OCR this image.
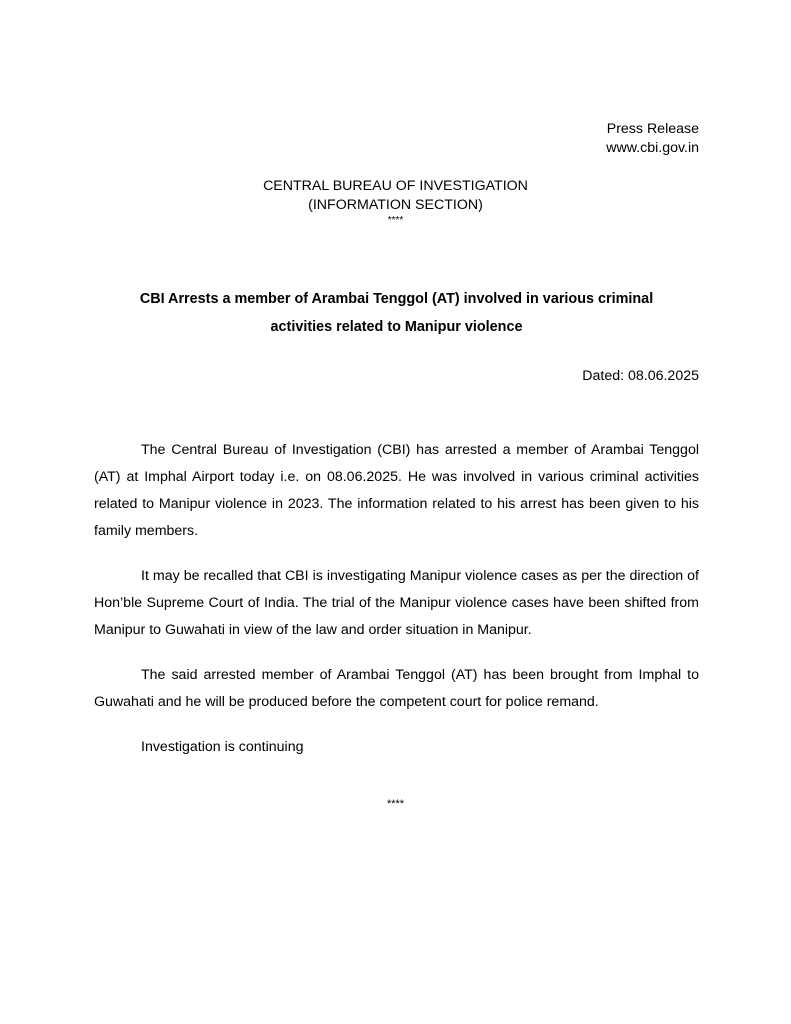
Press Release
www.cbi.gov.in
CENTRAL BUREAU OF INVESTIGATION
(INFORMATION SECTION)
****
CBI Arrests a member of Arambai Tenggol (AT) involved in various criminal
activities related to Manipur violence
Dated: 08.06.2025

The Central Bureau of Investigation (CBI) has arrested a member of Arambai Tenggol (AT) at Imphal Airport today i.e. on 08.06.2025. He was involved in various criminal activities related to Manipur violence in 2023. The information related to his arrest has been given to his family members.

It may be recalled that CBI is investigating Manipur violence cases as per the direction of Hon’ble Supreme Court of India. The trial of the Manipur violence cases have been shifted from Manipur to Guwahati in view of the law and order situation in Manipur.

The said arrested member of Arambai Tenggol (AT) has been brought from Imphal to Guwahati and he will be produced before the competent court for police remand.

Investigation is continuing

****
